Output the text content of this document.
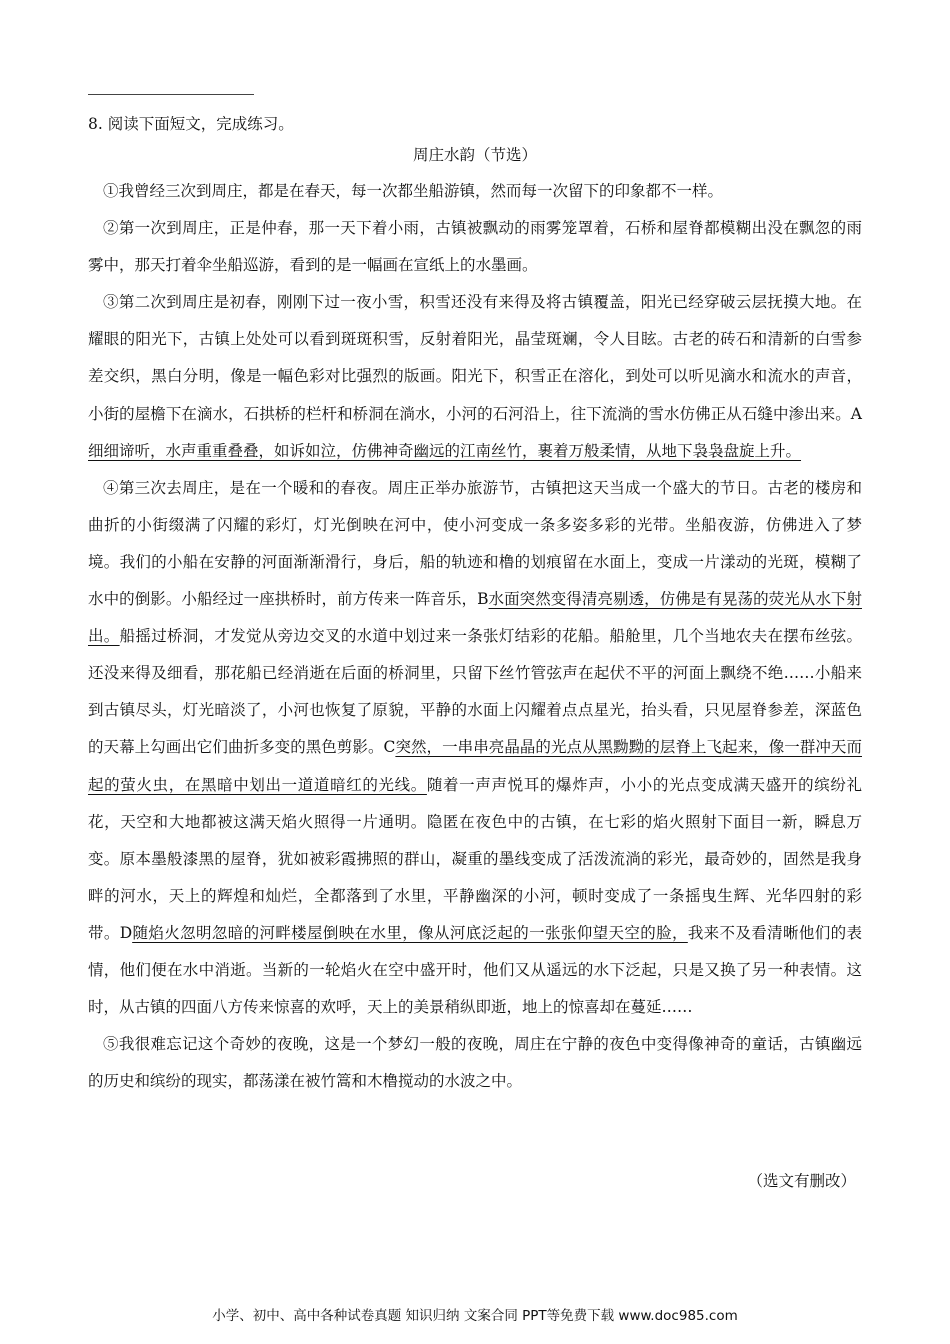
8. 阅读下面短文，完成练习。
周庄水韵（节选）

①我曾经三次到周庄，都是在春天，每一次都坐船游镇，然而每一次留下的印象都不一样。

②第一次到周庄，正是仲春，那一天下着小雨，古镇被飘动的雨雾笼罩着，石桥和屋脊都模糊出没在飘忽的雨雾中，那天打着伞坐船巡游，看到的是一幅画在宣纸上的水墨画。

③第二次到周庄是初春，刚刚下过一夜小雪，积雪还没有来得及将古镇覆盖，阳光已经穿破云层抚摸大地。在耀眼的阳光下，古镇上处处可以看到斑斑积雪，反射着阳光，晶莹斑斓，令人目眩。古老的砖石和清新的白雪参差交织，黑白分明，像是一幅色彩对比强烈的版画。阳光下，积雪正在溶化，到处可以听见滴水和流水的声音，小街的屋檐下在滴水，石拱桥的栏杆和桥洞在淌水，小河的石河沿上，往下流淌的雪水仿佛正从石缝中渗出来。A细细谛听，水声重重叠叠，如诉如泣，仿佛神奇幽远的江南丝竹，裹着万般柔情，从地下袅袅盘旋上升。

④第三次去周庄，是在一个暖和的春夜。周庄正举办旅游节，古镇把这天当成一个盛大的节日。古老的楼房和曲折的小街缀满了闪耀的彩灯，灯光倒映在河中，使小河变成一条多姿多彩的光带。坐船夜游，仿佛进入了梦境。我们的小船在安静的河面渐渐滑行，身后，船的轨迹和橹的划痕留在水面上，变成一片漾动的光斑，模糊了水中的倒影。小船经过一座拱桥时，前方传来一阵音乐，B水面突然变得清亮剔透，仿佛是有晃荡的荧光从水下射出。船摇过桥洞，才发觉从旁边交叉的水道中划过来一条张灯结彩的花船。船舱里，几个当地农夫在摆布丝弦。还没来得及细看，那花船已经消逝在后面的桥洞里，只留下丝竹管弦声在起伏不平的河面上飘绕不绝……小船来到古镇尽头，灯光暗淡了，小河也恢复了原貌，平静的水面上闪耀着点点星光，抬头看，只见屋脊参差，深蓝色的天幕上勾画出它们曲折多变的黑色剪影。C突然，一串串亮晶晶的光点从黑黝黝的层脊上飞起来，像一群冲天而起的萤火虫，在黑暗中划出一道道暗红的光线。随着一声声悦耳的爆炸声，小小的光点变成满天盛开的缤纷礼花，天空和大地都被这满天焰火照得一片通明。隐匿在夜色中的古镇，在七彩的焰火照射下面目一新，瞬息万变。原本墨般漆黑的屋脊，犹如被彩霞拂照的群山，凝重的墨线变成了活泼流淌的彩光，最奇妙的，固然是我身畔的河水，天上的辉煌和灿烂，全都落到了水里，平静幽深的小河，顿时变成了一条摇曳生辉、光华四射的彩带。D随焰火忽明忽暗的河畔楼屋倒映在水里，像从河底泛起的一张张仰望天空的脸，我来不及看清晰他们的表情，他们便在水中消逝。当新的一轮焰火在空中盛开时，他们又从遥远的水下泛起，只是又换了另一种表情。这时，从古镇的四面八方传来惊喜的欢呼，天上的美景稍纵即逝，地上的惊喜却在蔓延……

⑤我很难忘记这个奇妙的夜晚，这是一个梦幻一般的夜晚，周庄在宁静的夜色中变得像神奇的童话，古镇幽远的历史和缤纷的现实，都荡漾在被竹篙和木橹搅动的水波之中。

（选文有删改）
小学、初中、高中各种试卷真题 知识归纳 文案合同 PPT等免费下载 www.doc985.com
